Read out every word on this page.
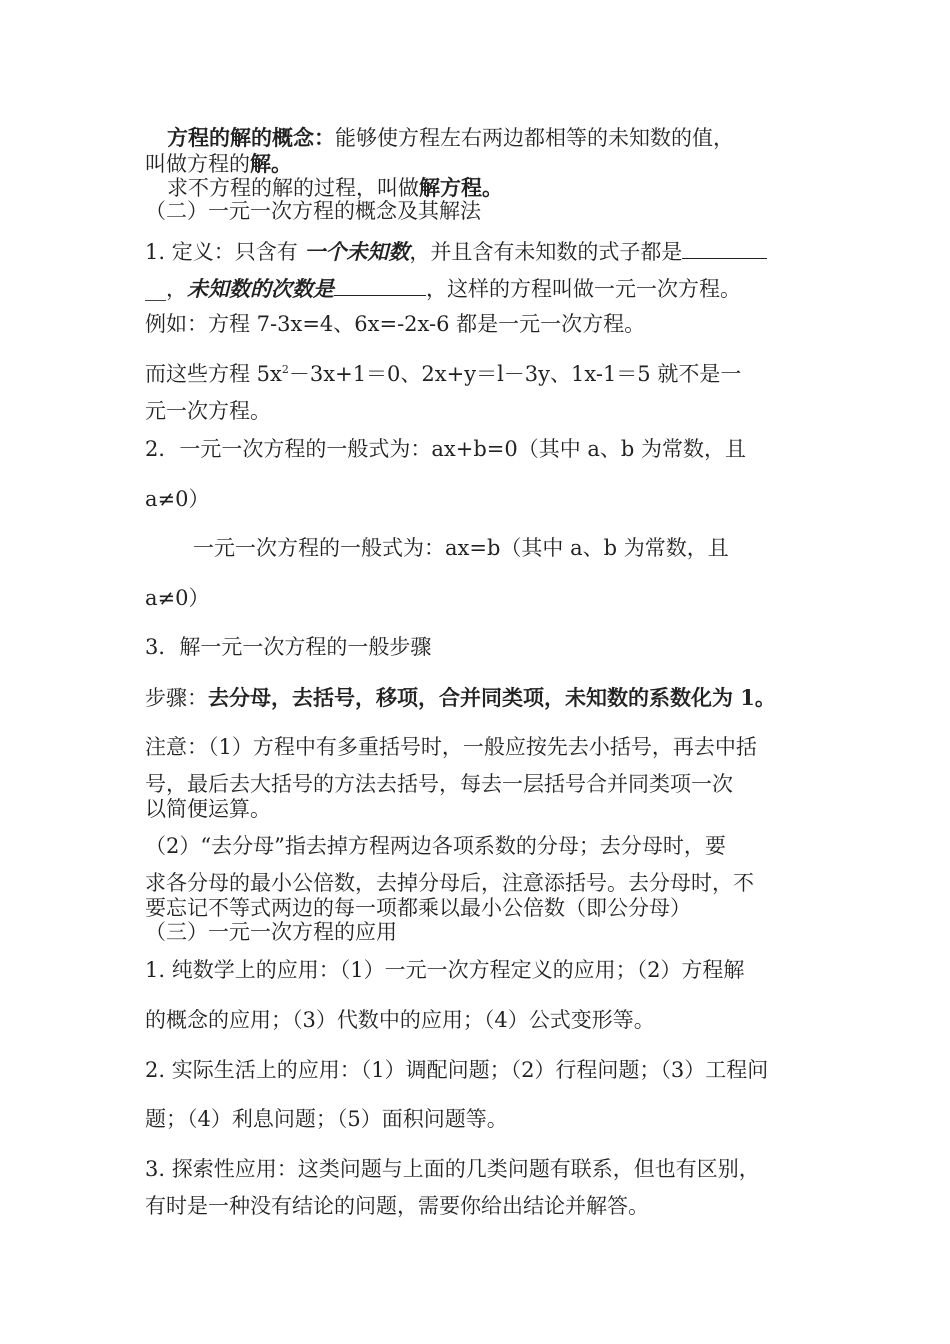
方程的解的概念：能够使方程左右两边都相等的未知数的值，
叫做方程的解。
求不方程的解的过程，叫做解方程。
（二）一元一次方程的概念及其解法
1. 定义：只含有 一个未知数，并且含有未知数的式子都是
__，未知数的次数是	，这样的方程叫做一元一次方程。
例如：方程 7-3x=4、6x=-2x-6 都是一元一次方程。
而这些方程 $5x^2-3x+1=0$、2x+y＝l－3y、1x-1＝5 就不是一
元一次方程。
2．一元一次方程的一般式为：ax+b=0（其中 a、b 为常数，且
a≠0）
一元一次方程的一般式为：ax=b（其中 a、b 为常数，且
a≠0）
3．解一元一次方程的一般步骤
步骤：去分母，去括号，移项，合并同类项，未知数的系数化为 1。
注意：（1）方程中有多重括号时，一般应按先去小括号，再去中括
号，最后去大括号的方法去括号，每去一层括号合并同类项一次
以简便运算。
（2）“去分母”指去掉方程两边各项系数的分母；去分母时，要
求各分母的最小公倍数，去掉分母后，注意添括号。去分母时，不
要忘记不等式两边的每一项都乘以最小公倍数（即公分母）
（三）一元一次方程的应用
1. 纯数学上的应用：（1）一元一次方程定义的应用；（2）方程解
的概念的应用；（3）代数中的应用；（4）公式变形等。
2. 实际生活上的应用：（1）调配问题；（2）行程问题；（3）工程问
题；（4）利息问题；（5）面积问题等。
3. 探索性应用：这类问题与上面的几类问题有联系，但也有区别，
有时是一种没有结论的问题，需要你给出结论并解答。
